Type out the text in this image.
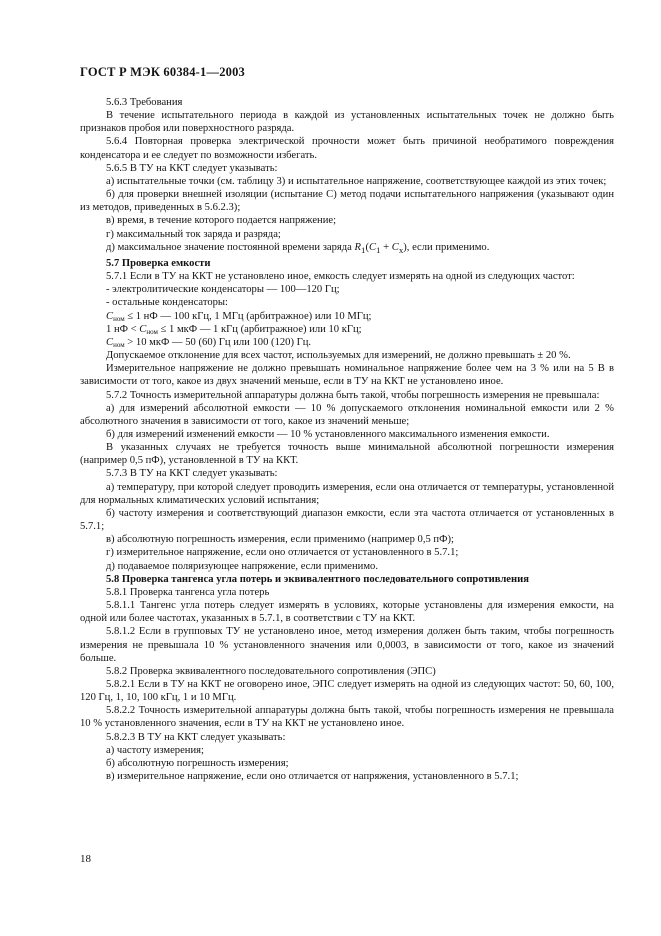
ГОСТ Р МЭК 60384-1—2003

5.6.3 Требования

В течение испытательного периода в каждой из установленных испытательных точек не должно быть признаков пробоя или поверхностного разряда.

5.6.4 Повторная проверка электрической прочности может быть причиной необратимого повреждения конденсатора и ее следует по возможности избегать.

5.6.5 В ТУ на ККТ следует указывать:

а) испытательные точки (см. таблицу 3) и испытательное напряжение, соответствующее каждой из этих точек;

б) для проверки внешней изоляции (испытание С) метод подачи испытательного напряжения (указывают один из методов, приведенных в 5.6.2.3);

в) время, в течение которого подается напряжение;

г) максимальный ток заряда и разряда;

д) максимальное значение постоянной времени заряда $R_1(C_1 + C_x)$, если применимо.

5.7 Проверка емкости

5.7.1 Если в ТУ на ККТ не установлено иное, емкость следует измерять на одной из следующих частот:

- электролитические конденсаторы — 100—120 Гц;

- остальные конденсаторы:

$C_{ном} \le 1$ нФ — 100 кГц, 1 МГц (арбитражное) или 10 МГц;

1 нФ < $C_{ном} \le 1$ мкФ — 1 кГц (арбитражное) или 10 кГц;

$C_{ном} > 10$ мкФ — 50 (60) Гц или 100 (120) Гц.

Допускаемое отклонение для всех частот, используемых для измерений, не должно превышать ± 20 %.

Измерительное напряжение не должно превышать номинальное напряжение более чем на 3 % или на 5 В в зависимости от того, какое из двух значений меньше, если в ТУ на ККТ не установлено иное.

5.7.2 Точность измерительной аппаратуры должна быть такой, чтобы погрешность измерения не превышала:

а) для измерений абсолютной емкости — 10 % допускаемого отклонения номинальной емкости или 2 % абсолютного значения в зависимости от того, какое из значений меньше;

б) для измерений изменений емкости — 10 % установленного максимального изменения емкости.

В указанных случаях не требуется точность выше минимальной абсолютной погрешности измерения (например 0,5 пФ), установленной в ТУ на ККТ.

5.7.3 В ТУ на ККТ следует указывать:

а) температуру, при которой следует проводить измерения, если она отличается от температуры, установленной для нормальных климатических условий испытания;

б) частоту измерения и соответствующий диапазон емкости, если эта частота отличается от установленных в 5.7.1;

в) абсолютную погрешность измерения, если применимо (например 0,5 пФ);

г) измерительное напряжение, если оно отличается от установленного в 5.7.1;

д) подаваемое поляризующее напряжение, если применимо.

5.8 Проверка тангенса угла потерь и эквивалентного последовательного сопротивления

5.8.1 Проверка тангенса угла потерь

5.8.1.1 Тангенс угла потерь следует измерять в условиях, которые установлены для измерения емкости, на одной или более частотах, указанных в 5.7.1, в соответствии с ТУ на ККТ.

5.8.1.2 Если в групповых ТУ не установлено иное, метод измерения должен быть таким, чтобы погрешность измерения не превышала 10 % установленного значения или 0,0003, в зависимости от того, какое из значений больше.

5.8.2 Проверка эквивалентного последовательного сопротивления (ЭПС)

5.8.2.1 Если в ТУ на ККТ не оговорено иное, ЭПС следует измерять на одной из следующих частот: 50, 60, 100, 120 Гц, 1, 10, 100 кГц, 1 и 10 МГц.

5.8.2.2 Точность измерительной аппаратуры должна быть такой, чтобы погрешность измерения не превышала 10 % установленного значения, если в ТУ на ККТ не установлено иное.

5.8.2.3 В ТУ на ККТ следует указывать:

а) частоту измерения;

б) абсолютную погрешность измерения;

в) измерительное напряжение, если оно отличается от напряжения, установленного в 5.7.1;

18
